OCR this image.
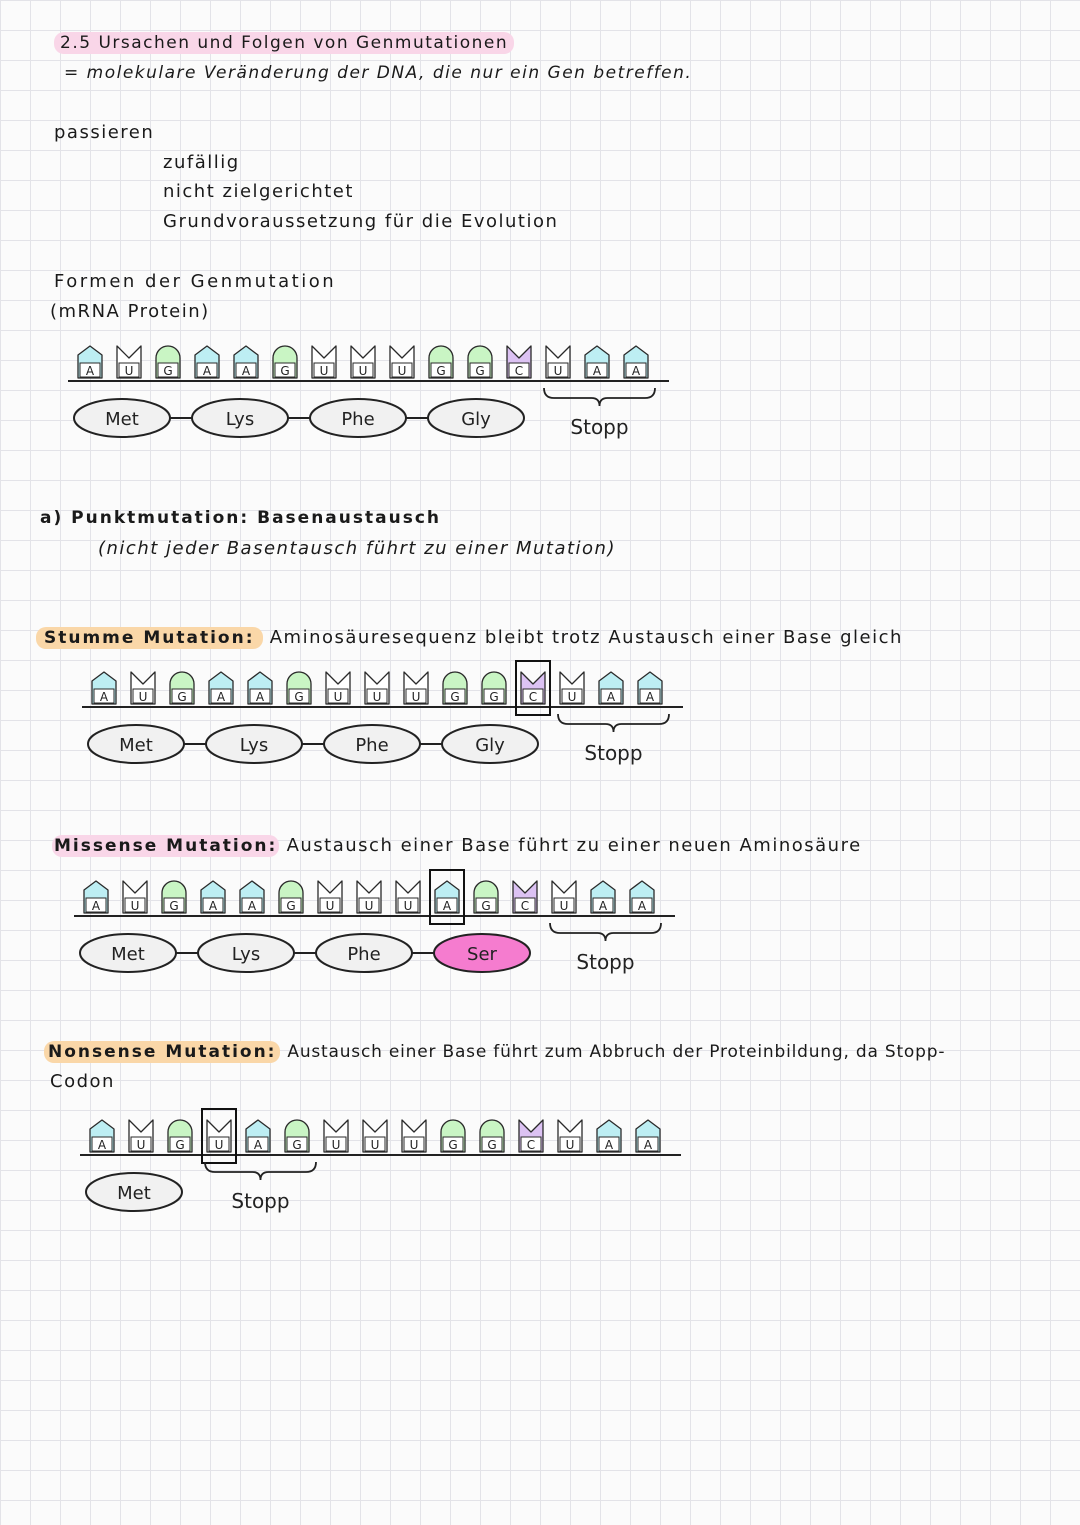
2.5 Ursachen und Folgen von Genmutationen
= molekulare Veränderung der DNA, die nur ein Gen betreffen.
passieren
zufällig
nicht zielgerichtet
Grundvoraussetzung für die Evolution
Formen der Genmutation
(mRNA Protein)
A	U G	A	A	G U	U	U G G	C	U	A	A
Met	Lys	Phe	Gly	Stopp
a) Punktmutation: Basenaustausch
(nicht jeder Basentausch führt zu einer Mutation)
Stumme Mutation: Aminosäuresequenz bleibt trotz Austausch einer Base gleich
A	U G	A	A	G U	U	U G G	C	U	A	A
Met	Lys	Phe	Gly	Stopp
Missense Mutation: Austausch einer Base führt zu einer neuen Aminosäure
A	U G	A	A	G U	U	U	A	G	C	U	A	A
Met	Lys	Phe	Ser	Stopp
Nonsense Mutation: Austausch einer Base führt zum Abbruch der Proteinbildung, da Stopp-
Codon
A	U G U	A	G U	U	U G G	C	U	A	A
Met	Stopp
